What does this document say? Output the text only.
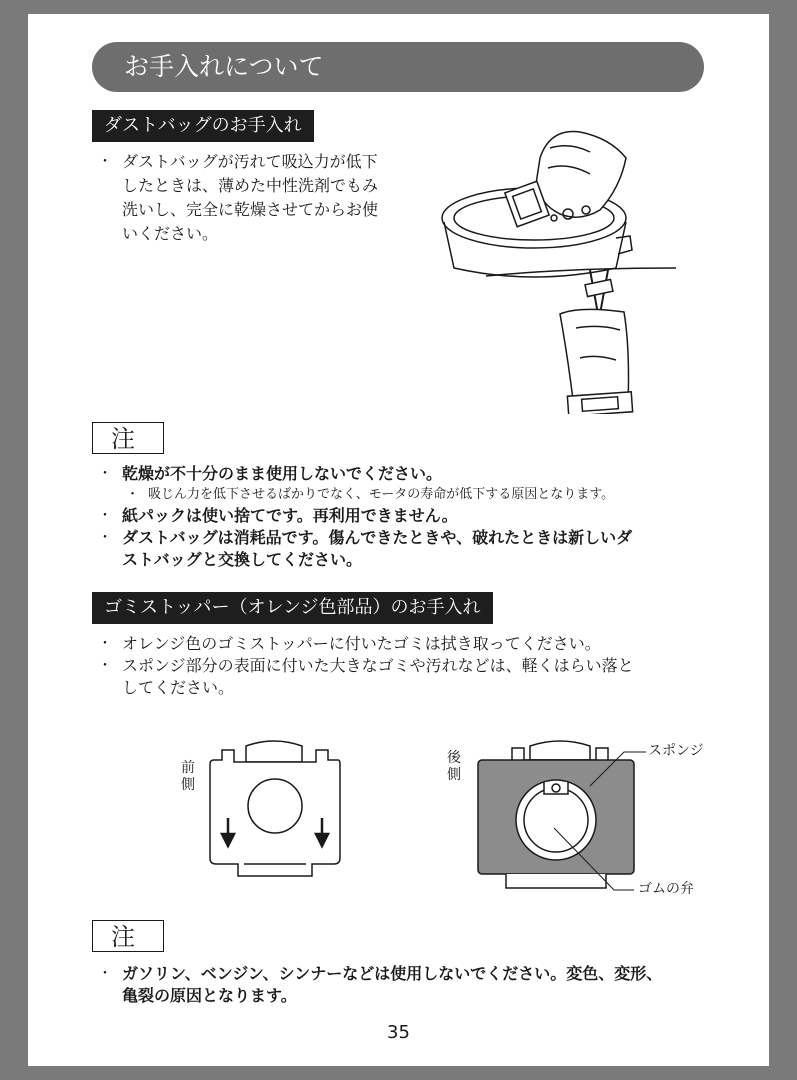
お手入れについて
ダストバッグのお手入れ
・ ダストバッグが汚れて吸込力が低下
したときは、薄めた中性洗剤でもみ
洗いし、完全に乾燥させてからお使
いください。
注
・ 乾燥が不十分のまま使用しないでください。
・ 吸じん力を低下させるばかりでなく、モータの寿命が低下する原因となります。
・ 紙パックは使い捨てです。再利用できません。
・ ダストバッグは消耗品です。傷んできたときや、破れたときは新しいダ
ストバッグと交換してください。
ゴミストッパー（オレンジ色部品）のお手入れ
・ オレンジ色のゴミストッパーに付いたゴミは拭き取ってください。
・ スポンジ部分の表面に付いた大きなゴミや汚れなどは、軽くはらい落と
してください。
前側
後側
スポンジ
ゴムの弁
注
・ ガソリン、ベンジン、シンナーなどは使用しないでください。変色、変形、
亀裂の原因となります。
35
